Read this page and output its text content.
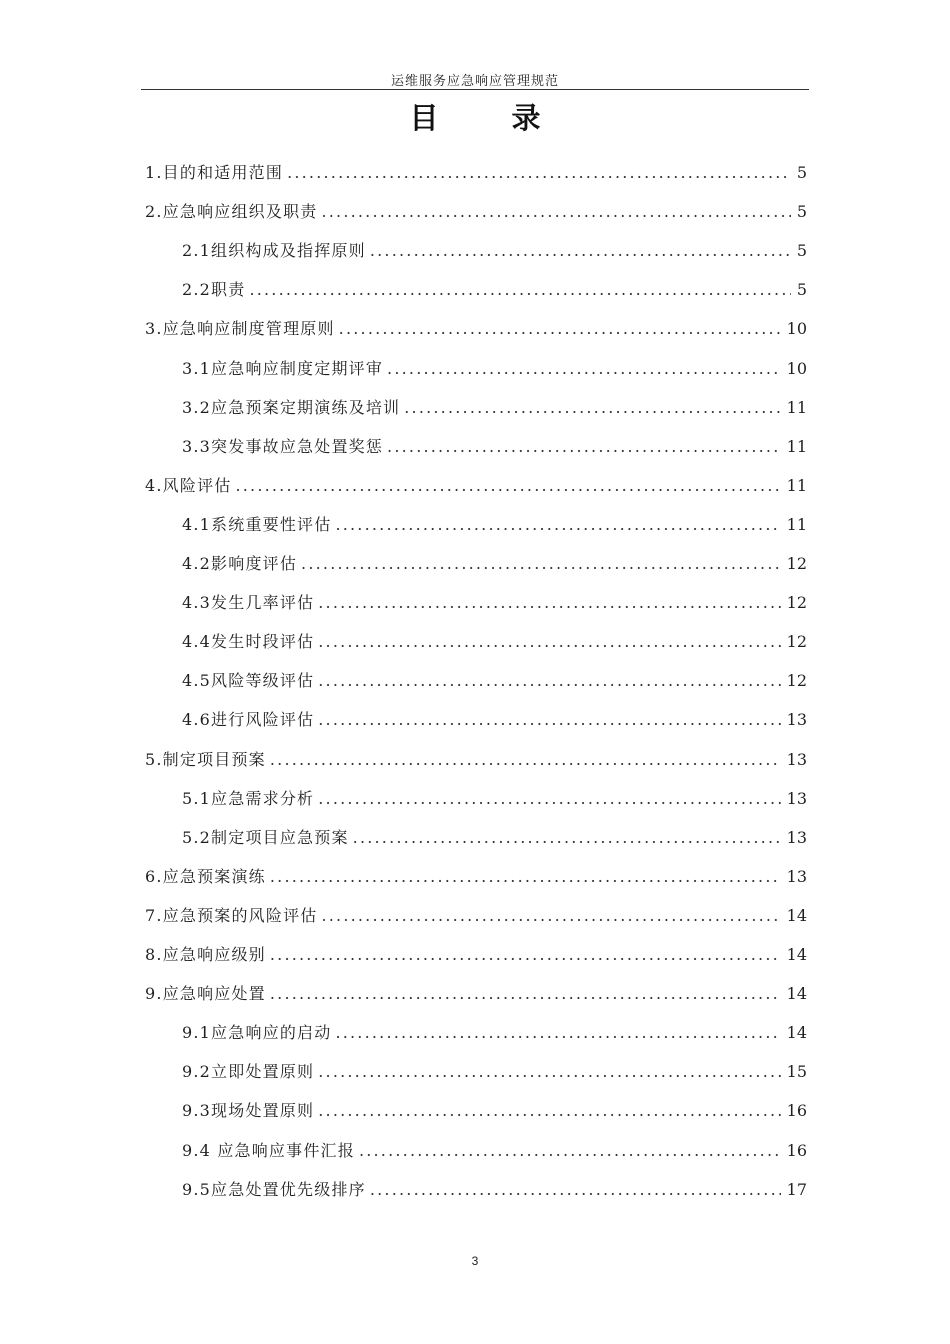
运维服务应急响应管理规范
目　录
1.目的和适用范围 .....	5
2.应急响应组织及职责 .....	5
2.1组织构成及指挥原则 .....	5
2.2职责 .....	5
3.应急响应制度管理原则 .....	10
3.1应急响应制度定期评审 .....	10
3.2应急预案定期演练及培训 .....	11
3.3突发事故应急处置奖惩 .....	11
4.风险评估 .....	11
4.1系统重要性评估 .....	11
4.2影响度评估 .....	12
4.3发生几率评估 .....	12
4.4发生时段评估 .....	12
4.5风险等级评估 .....	12
4.6进行风险评估 .....	13
5.制定项目预案 .....	13
5.1应急需求分析 .....	13
5.2制定项目应急预案 .....	13
6.应急预案演练 .....	13
7.应急预案的风险评估 .....	14
8.应急响应级别 .....	14
9.应急响应处置 .....	14
9.1应急响应的启动 .....	14
9.2立即处置原则 .....	15
9.3现场处置原则 .....	16
9.4 应急响应事件汇报 .....	16
9.5应急处置优先级排序 .....	17
3
